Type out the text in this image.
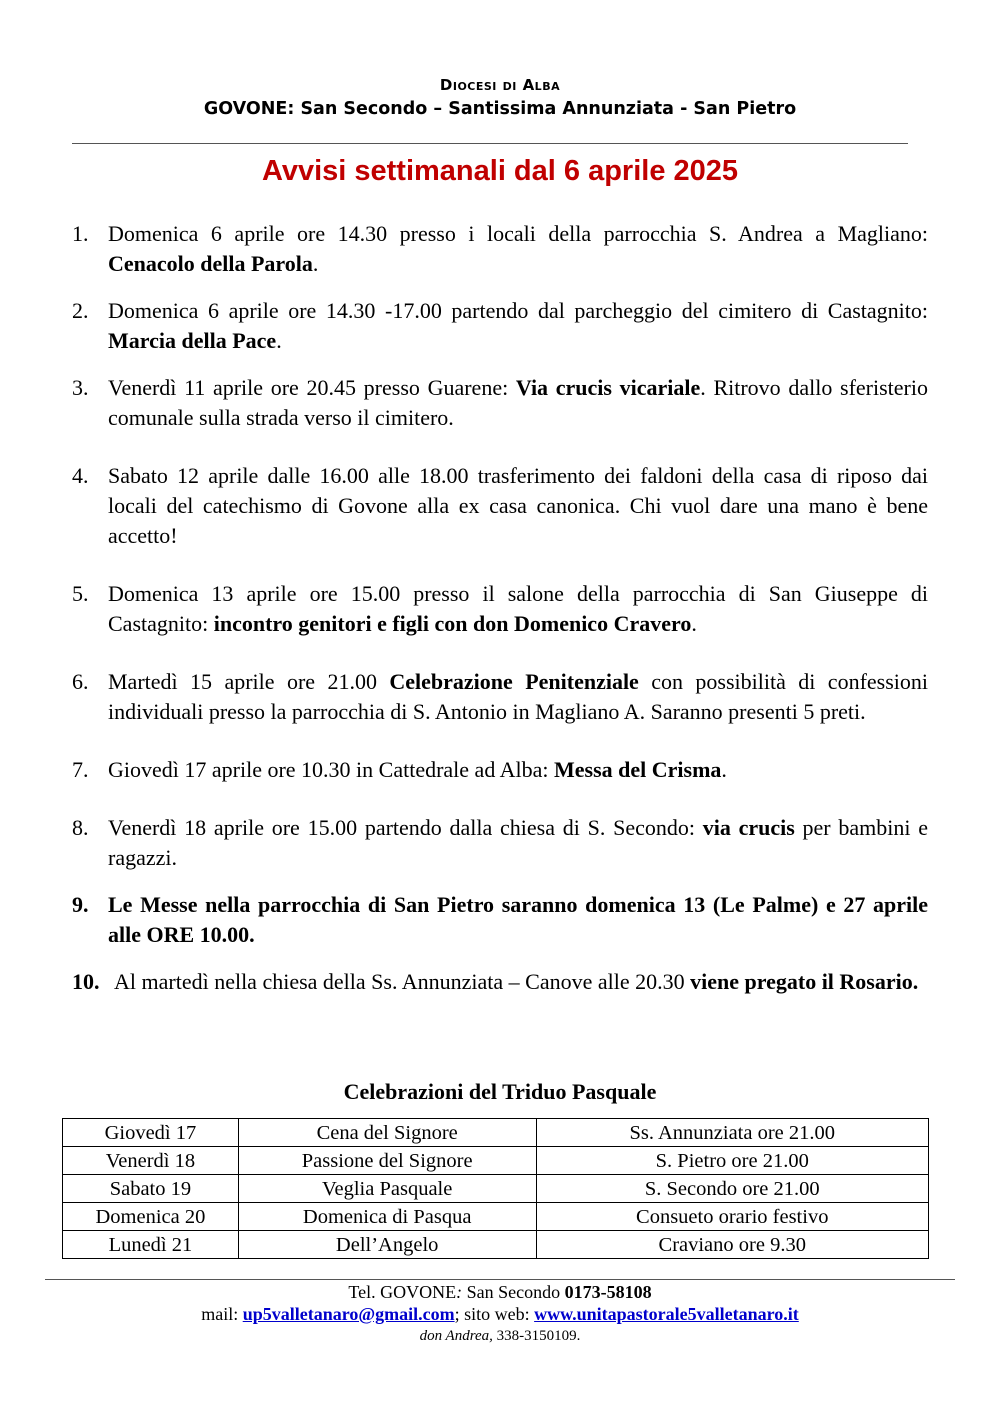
Diocesi di Alba
GOVONE: San Secondo – Santissima Annunziata - San Pietro
Avvisi settimanali dal 6 aprile 2025
1. Domenica 6 aprile ore 14.30 presso i locali della parrocchia S. Andrea a Magliano: Cenacolo della Parola.
2. Domenica 6 aprile ore 14.30 -17.00 partendo dal parcheggio del cimitero di Castagnito: Marcia della Pace.
3. Venerdì 11 aprile ore 20.45 presso Guarene: Via crucis vicariale. Ritrovo dallo sferisterio comunale sulla strada verso il cimitero.
4. Sabato 12 aprile dalle 16.00 alle 18.00 trasferimento dei faldoni della casa di riposo dai locali del catechismo di Govone alla ex casa canonica. Chi vuol dare una mano è bene accetto!
5. Domenica 13 aprile ore 15.00 presso il salone della parrocchia di San Giuseppe di Castagnito: incontro genitori e figli con don Domenico Cravero.
6. Martedì 15 aprile ore 21.00 Celebrazione Penitenziale con possibilità di confessioni individuali presso la parrocchia di S. Antonio in Magliano A. Saranno presenti 5 preti.
7. Giovedì 17 aprile ore 10.30 in Cattedrale ad Alba: Messa del Crisma.
8. Venerdì 18 aprile ore 15.00 partendo dalla chiesa di S. Secondo: via crucis per bambini e ragazzi.
9. Le Messe nella parrocchia di San Pietro saranno domenica 13 (Le Palme) e 27 aprile alle ORE 10.00.
10. Al martedì nella chiesa della Ss. Annunziata – Canove alle 20.30 viene pregato il Rosario.
Celebrazioni del Triduo Pasquale
Giovedì 17	Cena del Signore	Ss. Annunziata ore 21.00
Venerdì 18	Passione del Signore	S. Pietro ore 21.00
Sabato 19	Veglia Pasquale	S. Secondo ore 21.00
Domenica 20	Domenica di Pasqua	Consueto orario festivo
Lunedì 21	Dell’Angelo	Craviano ore 9.30
Tel. GOVONE: San Secondo 0173-58108
mail: up5valletanaro@gmail.com; sito web: www.unitapastorale5valletanaro.it
don Andrea, 338-3150109.
